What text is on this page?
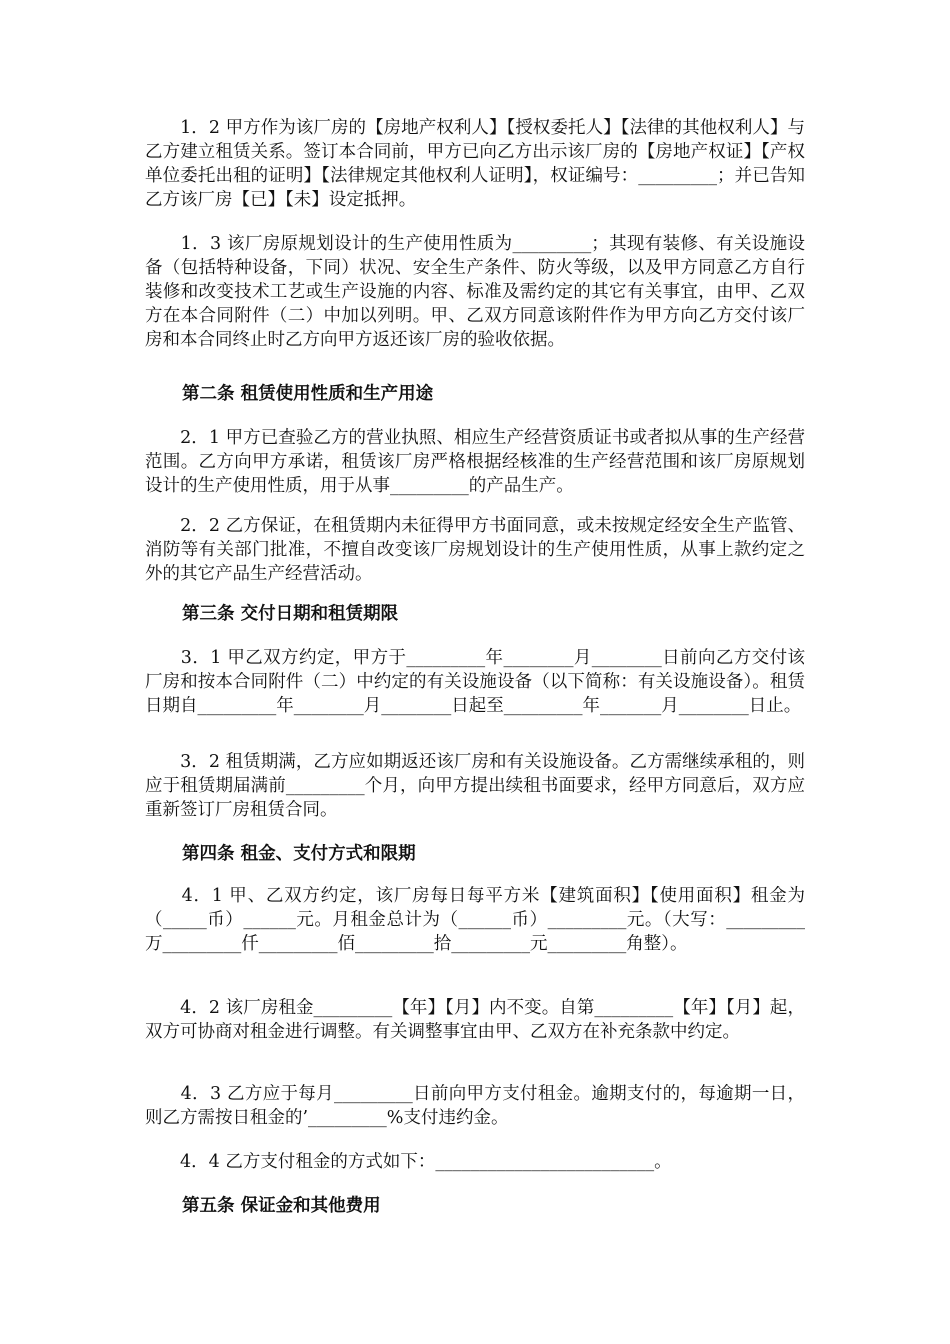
　　1．2 甲方作为该厂房的【房地产权利人】【授权委托人】【法律的其他权利人】与乙方建立租赁关系。签订本合同前，甲方已向乙方出示该厂房的【房地产权证】【产权单位委托出租的证明】【法律规定其他权利人证明】，权证编号：_________；并已告知乙方该厂房【已】【未】设定抵押。

　　1．3 该厂房原规划设计的生产使用性质为_________；其现有装修、有关设施设备（包括特种设备，下同）状况、安全生产条件、防火等级，以及甲方同意乙方自行装修和改变技术工艺或生产设施的内容、标准及需约定的其它有关事宜，由甲、乙双方在本合同附件（二）中加以列明。甲、乙双方同意该附件作为甲方向乙方交付该厂房和本合同终止时乙方向甲方返还该厂房的验收依据。

第二条 租赁使用性质和生产用途

　　2．1 甲方已查验乙方的营业执照、相应生产经营资质证书或者拟从事的生产经营范围。乙方向甲方承诺，租赁该厂房严格根据经核准的生产经营范围和该厂房原规划设计的生产使用性质，用于从事_________的产品生产。

　　2．2 乙方保证，在租赁期内未征得甲方书面同意，或未按规定经安全生产监管、消防等有关部门批准，不擅自改变该厂房规划设计的生产使用性质，从事上款约定之外的其它产品生产经营活动。

第三条 交付日期和租赁期限

　　3．1 甲乙双方约定，甲方于_________年________月________日前向乙方交付该厂房和按本合同附件（二）中约定的有关设施设备（以下简称：有关设施设备）。租赁日期自_________年________月________日起至_________年_______月________日止。

　　3．2 租赁期满，乙方应如期返还该厂房和有关设施设备。乙方需继续承租的，则应于租赁期届满前_________个月，向甲方提出续租书面要求，经甲方同意后，双方应重新签订厂房租赁合同。

第四条 租金、支付方式和限期

　　4．1 甲、乙双方约定，该厂房每日每平方米【建筑面积】【使用面积】租金为（_____币）______元。月租金总计为（______币）_________元。（大写：_________万_________仟_________佰_________拾_________元_________角整）。

　　4．2 该厂房租金_________【年】【月】内不变。自第_________【年】【月】起，双方可协商对租金进行调整。有关调整事宜由甲、乙双方在补充条款中约定。

　　4．3 乙方应于每月_________日前向甲方支付租金。逾期支付的，每逾期一日，则乙方需按日租金的’_________%支付违约金。

　　4．4 乙方支付租金的方式如下：_________________________。

第五条 保证金和其他费用
